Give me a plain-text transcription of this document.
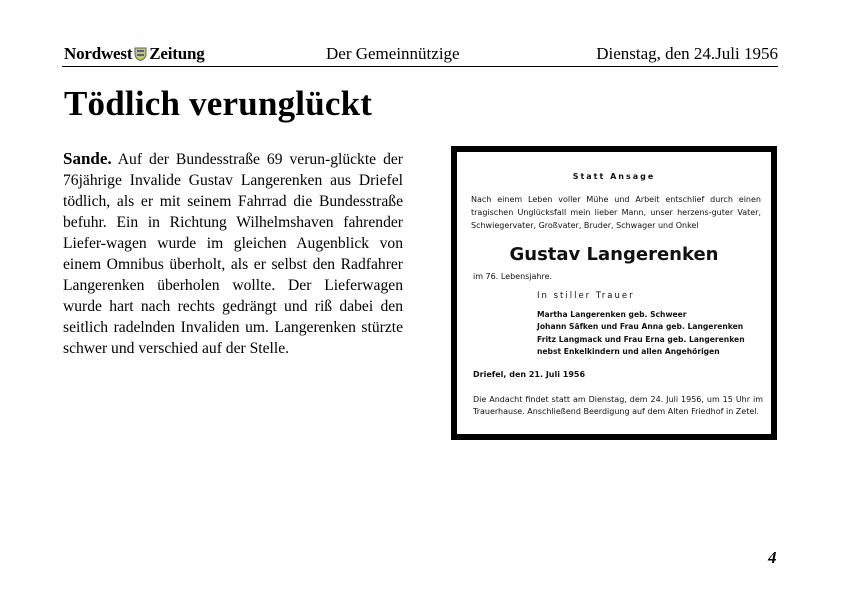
Nordwest Zeitung	Der Gemeinnützige	Dienstag, den 24.Juli 1956
Tödlich verunglückt
Sande. Auf der Bundesstraße 69 verun-glückte der 76jährige Invalide Gustav Langerenken aus Driefel tödlich, als er mit seinem Fahrrad die Bundesstraße befuhr. Ein in Richtung Wilhelmshaven fahrender Liefer-wagen wurde im gleichen Augenblick von einem Omnibus überholt, als er selbst den Radfahrer Langerenken überholen wollte. Der Lieferwagen wurde hart nach rechts gedrängt und riß dabei den seitlich radelnden Invaliden um. Langerenken stürzte schwer und verschied auf der Stelle.
Statt Ansage
Nach einem Leben voller Mühe und Arbeit entschlief durch einen tragischen Unglücksfall mein lieber Mann, unser herzens-guter Vater, Schwiegervater, Großvater, Bruder, Schwager und Onkel
Gustav Langerenken
im 76. Lebensjahre.
In stiller Trauer
Martha Langerenken geb. Schweer
Johann Säfken und Frau Anna geb. Langerenken
Fritz Langmack und Frau Erna geb. Langerenken
nebst Enkelkindern und allen Angehörigen
Driefel, den 21. Juli 1956
Die Andacht findet statt am Dienstag, dem 24. Juli 1956, um 15 Uhr im Trauerhause. Anschließend Beerdigung auf dem Alten Friedhof in Zetel.
4
